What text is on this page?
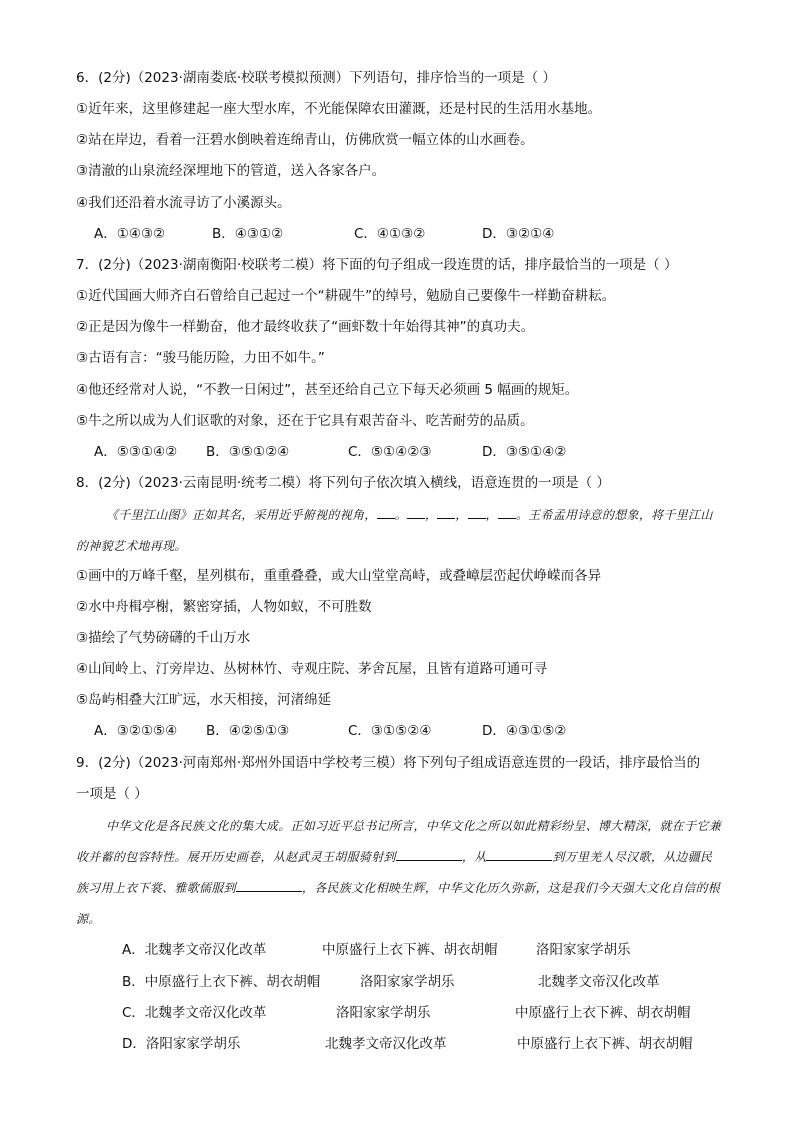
6．(2分)（2023·湖南娄底·校联考模拟预测）下列语句，排序恰当的一项是（ ）
①近年来，这里修建起一座大型水库，不光能保障农田灌溉，还是村民的生活用水基地。
②站在岸边，看着一汪碧水倒映着连绵青山，仿佛欣赏一幅立体的山水画卷。
③清澈的山泉流经深埋地下的管道，送入各家各户。
④我们还沿着水流寻访了小溪源头。
A．①④③②	B．④③①②	C．④①③②	D．③②①④
7．(2分)（2023·湖南衡阳·校联考二模）将下面的句子组成一段连贯的话，排序最恰当的一项是（ ）
①近代国画大师齐白石曾给自己起过一个“耕砚牛”的绰号，勉励自己要像牛一样勤奋耕耘。
②正是因为像牛一样勤奋，他才最终收获了“画虾数十年始得其神”的真功夫。
③古语有言：“骏马能历险，力田不如牛。”
④他还经常对人说，“不教一日闲过”，甚至还给自己立下每天必须画 5 幅画的规矩。
⑤牛之所以成为人们讴歌的对象，还在于它具有艰苦奋斗、吃苦耐劳的品质。
A．⑤③①④② B．③⑤①②④	C．⑤①④②③	D．③⑤①④②
8．(2分)（2023·云南昆明·统考二模）将下列句子依次填入横线，语意连贯的一项是（ ）
《千里江山图》正如其名，采用近乎俯视的视角， 。 ， ， ， 。王希孟用诗意的想象，将千里江山的神貌艺术地再现。
①画中的万峰千壑，星列棋布，重重叠叠，或大山堂堂高峙，或叠嶂层峦起伏峥嵘而各异
②水中舟楫亭榭，繁密穿插，人物如蚁，不可胜数
③描绘了气势磅礴的千山万水
④山间岭上、汀旁岸边、丛树林竹、寺观庄院、茅舍瓦屋，且皆有道路可通可寻
⑤岛屿相叠大江旷远，水天相接，河渚绵延
A．③②①⑤④ B．④②⑤①③	C．③①⑤②④	D．④③①⑤②
9．(2分)（2023·河南郑州·郑州外国语中学校考三模）将下列句子组成语意连贯的一段话，排序最恰当的
一项是（ ）
中华文化是各民族文化的集大成。正如习近平总书记所言，中华文化之所以如此精彩纷呈、博大精深，就在于它兼收并蓄的包容特性。展开历史画卷，从赵武灵王胡服骑射到	，从	到万里羌人尽汉歌，从边疆民族习用上衣下裳、雅歌儒服到	，各民族文化相映生辉，中华文化历久弥新，这是我们今天强大文化自信的根源。
A．北魏孝文帝汉化改革	中原盛行上衣下裤、胡衣胡帽	洛阳家家学胡乐
B．中原盛行上衣下裤、胡衣胡帽	洛阳家家学胡乐	北魏孝文帝汉化改革
C．北魏孝文帝汉化改革	洛阳家家学胡乐	中原盛行上衣下裤、胡衣胡帽
D．洛阳家家学胡乐	北魏孝文帝汉化改革	中原盛行上衣下裤、胡衣胡帽
